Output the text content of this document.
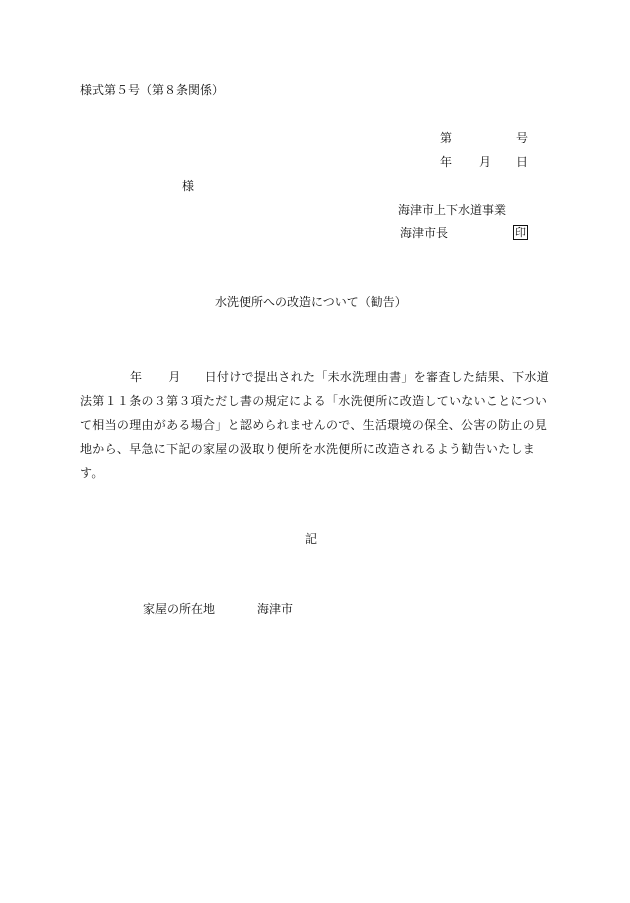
様式第５号（第８条関係）
第	号
年 月 日
様
海津市上下水道事業
海津市長	印
水洗便所への改造について（勧告）
年 月 日付けで提出された「未水洗理由書」を審査した結果、下水道法第１１条の３第３項ただし書の規定による「水洗便所に改造していないことについて相当の理由がある場合」と認められませんので、生活環境の保全、公害の防止の見地から、早急に下記の家屋の汲取り便所を水洗便所に改造されるよう勧告いたします。
記
家屋の所在地	海津市
